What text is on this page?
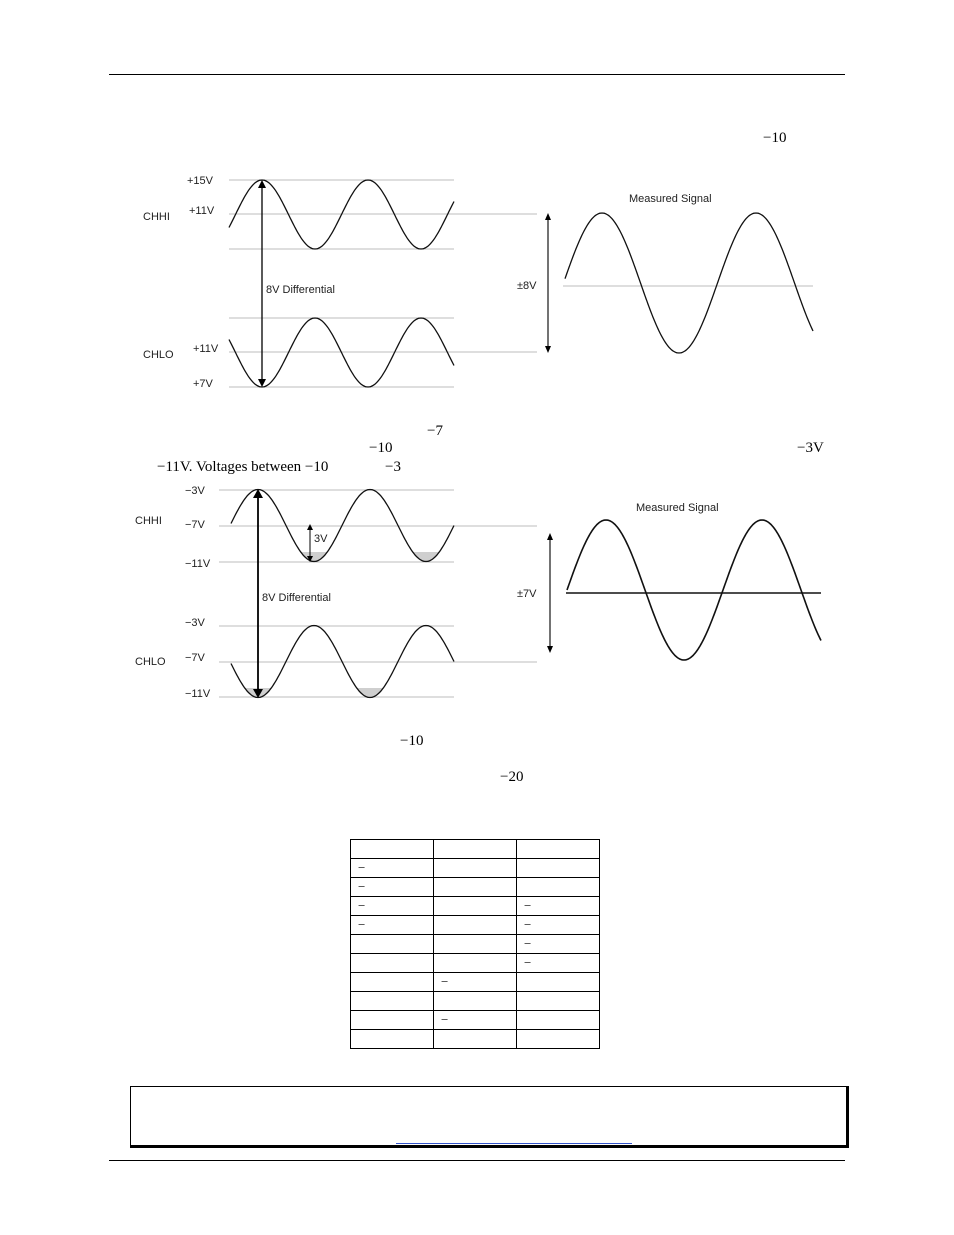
−10
CHHI
CHLO
+15V
+11V
+11V
+7V
8V Differential
Measured Signal
±8V
−7
−10	−3V
−11V. Voltages between −10	−3
CHHI
CHLO
−3V
−7V
−11V
−3V
−7V
−11V
3V
8V Differential
Measured Signal
±7V
−10
−20

−		
−		
−		−
−		−
		−
		−
	−	

	−	
